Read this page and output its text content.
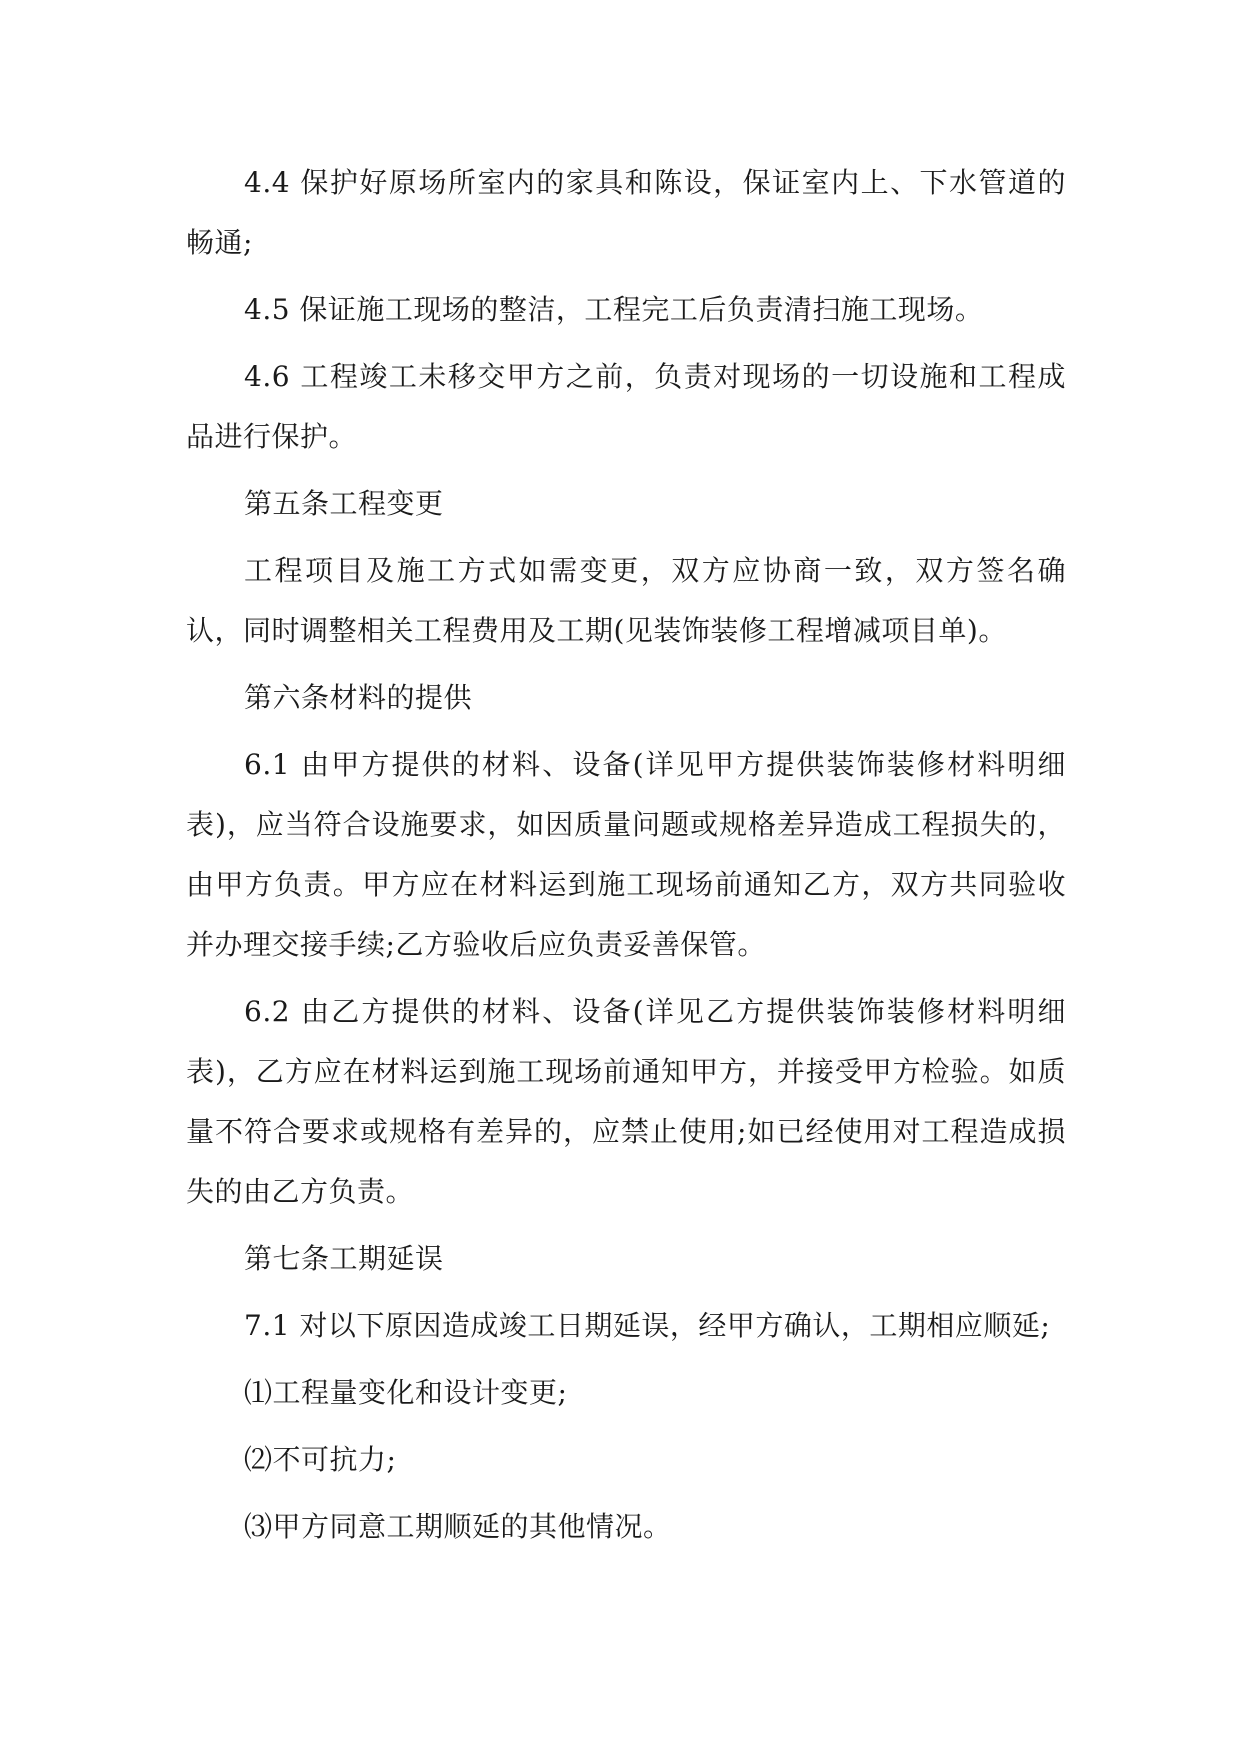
4.4 保护好原场所室内的家具和陈设，保证室内上、下水管道的畅通;

4.5 保证施工现场的整洁，工程完工后负责清扫施工现场。

4.6 工程竣工未移交甲方之前，负责对现场的一切设施和工程成品进行保护。

第五条工程变更

工程项目及施工方式如需变更，双方应协商一致，双方签名确认，同时调整相关工程费用及工期(见装饰装修工程增减项目单)。

第六条材料的提供

6.1 由甲方提供的材料、设备(详见甲方提供装饰装修材料明细表)，应当符合设施要求，如因质量问题或规格差异造成工程损失的，由甲方负责。甲方应在材料运到施工现场前通知乙方，双方共同验收并办理交接手续;乙方验收后应负责妥善保管。

6.2 由乙方提供的材料、设备(详见乙方提供装饰装修材料明细表)，乙方应在材料运到施工现场前通知甲方，并接受甲方检验。如质量不符合要求或规格有差异的，应禁止使用;如已经使用对工程造成损失的由乙方负责。

第七条工期延误

7.1 对以下原因造成竣工日期延误，经甲方确认，工期相应顺延;

⑴工程量变化和设计变更;

⑵不可抗力;

⑶甲方同意工期顺延的其他情况。
